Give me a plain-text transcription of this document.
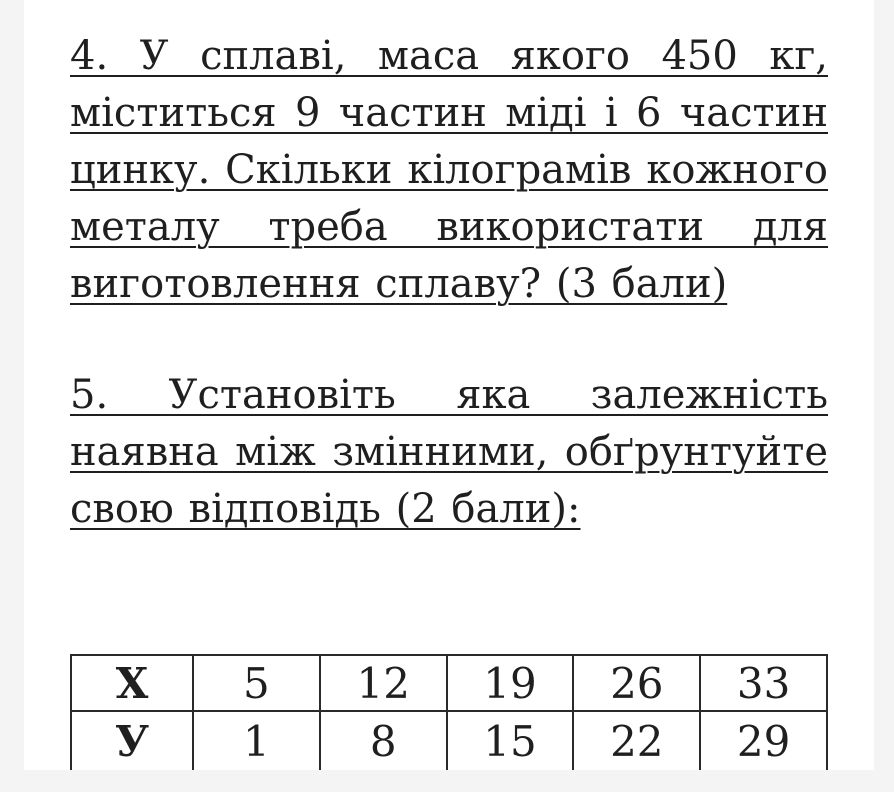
4. У сплаві, маса якого 450 кг, міститься 9 частин міді і 6 частин цинку. Скільки кілограмів кожного металу треба використати для виготовлення сплаву? (3 бали)

5. Установіть яка залежність наявна між змінними, обґрунтуйте свою відповідь (2 бали):

Х	5	12	19	26	33
У	1	8	15	22	29
